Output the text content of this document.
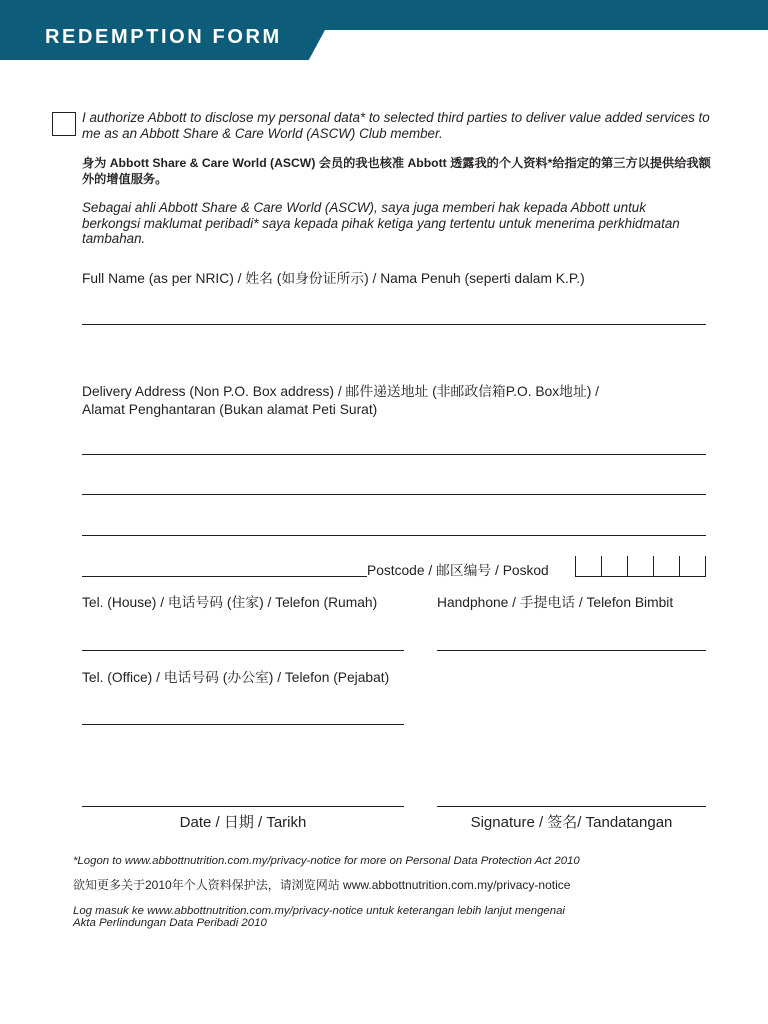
REDEMPTION FORM
I authorize Abbott to disclose my personal data* to selected third parties to deliver value added services to me as an Abbott Share & Care World (ASCW) Club member.
身为 Abbott Share & Care World (ASCW) 会员的我也核准 Abbott 透露我的个人资料*给指定的第三方以提供给我额外的增值服务。
Sebagai ahli Abbott Share & Care World (ASCW), saya juga memberi hak kepada Abbott untuk berkongsi maklumat peribadi* saya kepada pihak ketiga yang tertentu untuk menerima perkhidmatan tambahan.
Full Name (as per NRIC) / 姓名 (如身份证所示) / Nama Penuh (seperti dalam K.P.)
Delivery Address (Non P.O. Box address) / 邮件递送地址 (非邮政信箱P.O. Box地址) /
Alamat Penghantaran (Bukan alamat Peti Surat)
Postcode / 邮区编号 / Poskod
Tel. (House) / 电话号码 (住家) / Telefon (Rumah)	Handphone / 手提电话 / Telefon Bimbit
Tel. (Office) / 电话号码 (办公室) / Telefon (Pejabat)
Date / 日期 / Tarikh	Signature / 签名/ Tandatangan
*Logon to www.abbottnutrition.com.my/privacy-notice for more on Personal Data Protection Act 2010
欲知更多关于2010年个人资料保护法，请浏览网站 www.abbottnutrition.com.my/privacy-notice
Log masuk ke www.abbottnutrition.com.my/privacy-notice untuk keterangan lebih lanjut mengenai
Akta Perlindungan Data Peribadi 2010
